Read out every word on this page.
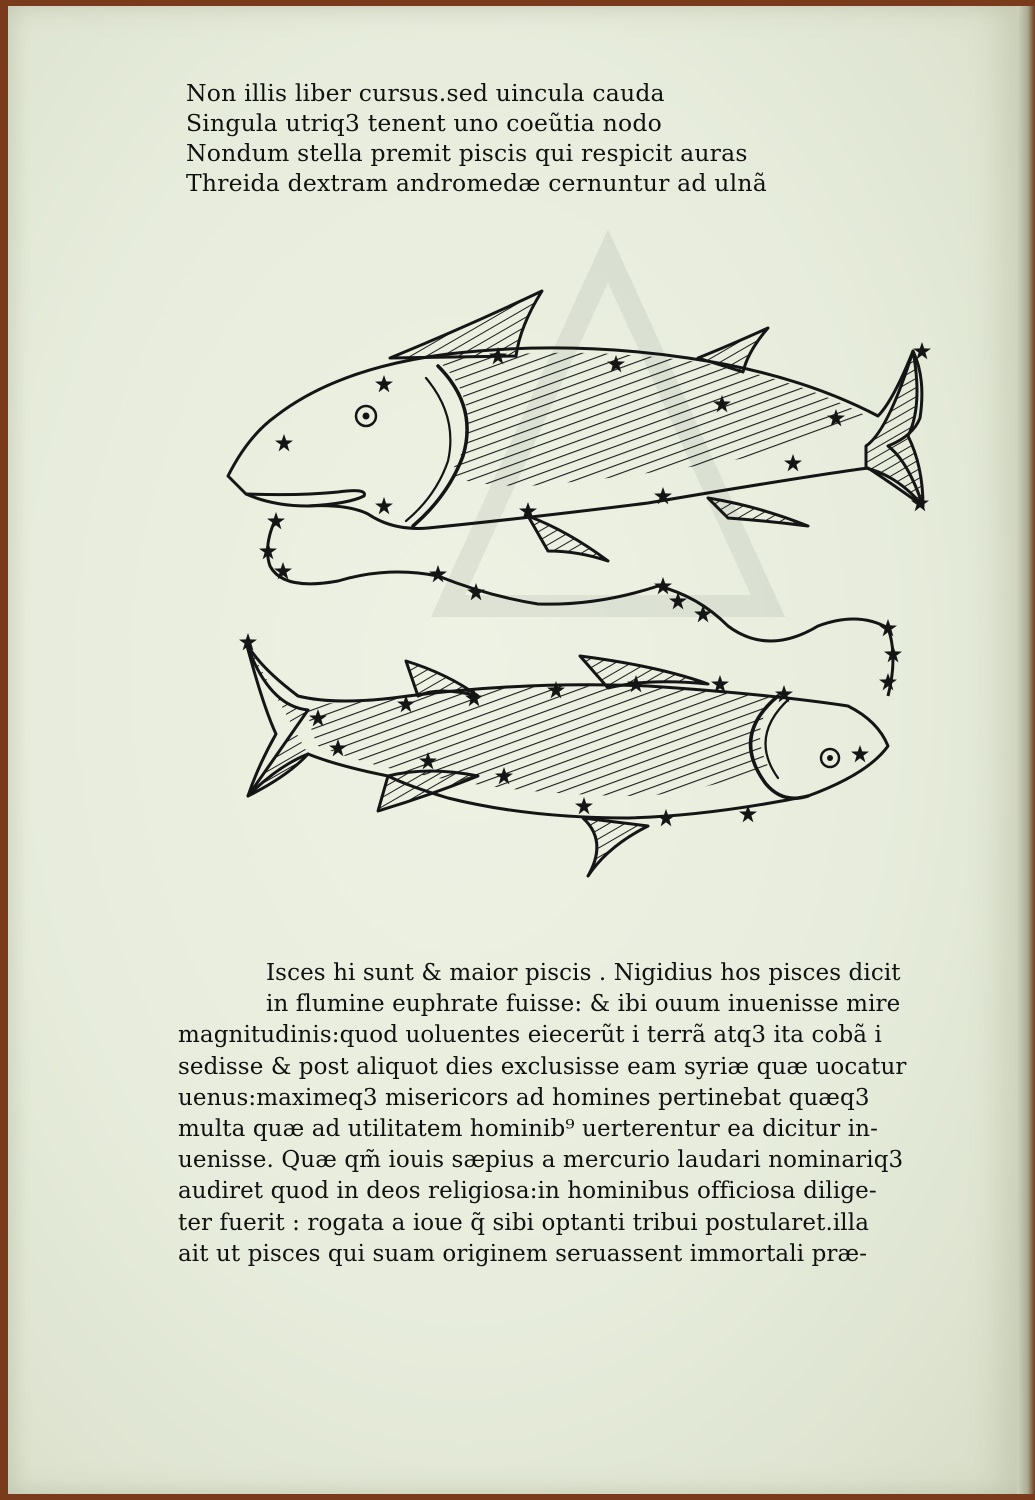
Non illis liber cursus.sed uincula cauda
Singula utriq3 tenent uno coeũtia nodo
Nondum stella premit piscis qui respicit auras
Threida dextram andromedæ cernuntur ad ulnã
Isces hi sunt & maior piscis . Nigidius hos pisces dicit
in flumine euphrate fuisse: & ibi ouum inuenisse mire
magnitudinis:quod uoluentes eiecerũt i terrã atq3 ita cobã i
sedisse & post aliquot dies exclusisse eam syriæ quæ uocatur
uenus:maximeq3 misericors ad homines pertinebat quæq3
multa quæ ad utilitatem hominib⁹ uerterentur ea dicitur in-
uenisse. Quæ qm̃ iouis sæpius a mercurio laudari nominariq3
audiret quod in deos religiosa:in hominibus officiosa dilige-
ter fuerit : rogata a ioue q̃ sibi optanti tribui postularet.illa
ait ut pisces qui suam originem seruassent immortali præ-
